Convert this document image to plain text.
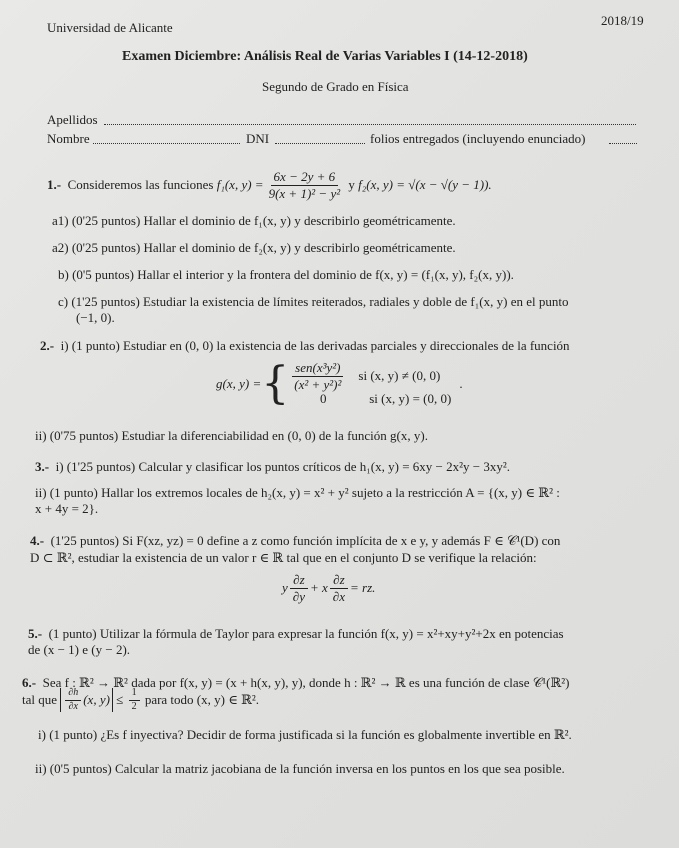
Universidad de Alicante	2018/19
Examen Diciembre: Análisis Real de Varias Variables I (14-12-2018)
Segundo de Grado en Física
Apellidos
Nombre	DNI	folios entregados (incluyendo enunciado)
1.-
Consideremos las funciones
f₁(x, $y) = \frac{6x - 2y + 6}{\text{9(x + 1)² − y²}}$
y
f₂(x, y) = √(x − √(y − 1)).
a1) (0'25 puntos) Hallar el dominio de f₁(x, y) y describirlo geométricamente.
a2) (0'25 puntos) Hallar el dominio de f₂(x, y) y describirlo geométricamente.
b) (0'5 puntos) Hallar el interior y la frontera del dominio de f(x, y) = (f₁(x, y), f₂(x, y)).
c) (1'25 puntos) Estudiar la existencia de límites reiterados, radiales y doble de f₁(x, y) en el punto
(−1, 0).
2.- i) (1 punto) Estudiar en (0, 0) la existencia de las derivadas parciales y direccionales de la función
g(x, y) = { $\frac{\text{sen(x³y²)}}{\text{(x² + y²)²}}$ si (x, y) ≠ (0, 0)
0	si (x, y) = (0, 0)
.
ii) (0'75 puntos) Estudiar la diferenciabilidad en (0, 0) de la función g(x, y).
3.- i) (1'25 puntos) Calcular y clasificar los puntos críticos de h₁(x, y) = 6xy − 2x²y − 3xy².
ii) (1 punto) Hallar los extremos locales de h₂(x, y) = x² + y² sujeto a la restricción A = {(x, y) ∈ ℝ² :
x + 4y = 2}.
4.- (1'25 puntos) Si F(xz, yz) = 0 define a z como función implícita de x e y, y además F ∈ 𝒞¹(D) con
D ⊂ ℝ², estudiar la existencia de un valor r ∈ ℝ tal que en el conjunto D se verifique la relación:
y $\frac{\partial z}{\partial y} + x \frac{\partial z}{\partial x}$ = rz.
5.- (1 punto) Utilizar la fórmula de Taylor para expresar la función f(x, y) = x²+xy+y²+2x en potencias
de (x − 1) e (y − 2).
6.- Sea f : ℝ² → ℝ² dada por f(x, y) = (x + h(x, y), y), donde h : ℝ² → ℝ es una función de clase 𝒞¹(ℝ²)
tal que
$\frac{\partial h}{\partial x} (x$, y)
≤
$\frac{1}{2}$
para todo (x, y) ∈ ℝ².
i) (1 punto) ¿Es f inyectiva? Decidir de forma justificada si la función es globalmente invertible en ℝ².
ii) (0'5 puntos) Calcular la matriz jacobiana de la función inversa en los puntos en los que sea posible.
